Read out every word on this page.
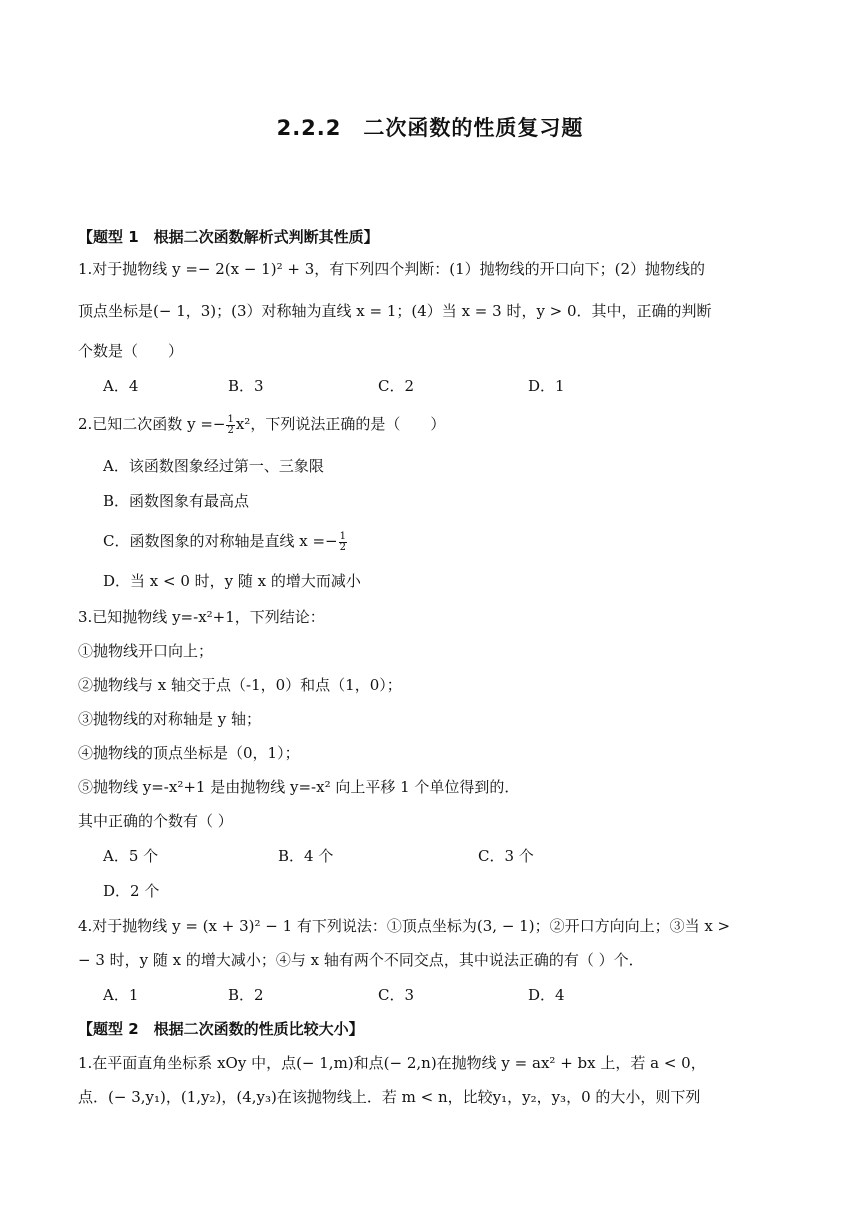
2.2.2　二次函数的性质复习题
【题型 1　根据二次函数解析式判断其性质】
1.对于抛物线 y =− 2(x − 1)² + 3，有下列四个判断：(1）抛物线的开口向下；(2）抛物线的
顶点坐标是(− 1，3)；(3）对称轴为直线 x = 1；(4）当 x = 3 时，y > 0．其中，正确的判断
个数是（　　）
A．4	B．3	C．2	D．1
2.已知二次函数 $y =- \frac{1}{2} x^2$，下列说法正确的是（　　）
A．该函数图象经过第一、三象限
B．函数图象有最高点
C．函数图象的对称轴是直线 $x =- \frac{1}{2}$
D．当 x < 0 时，y 随 x 的增大而减小
3.已知抛物线 y=-x²+1，下列结论：
①抛物线开口向上；
②抛物线与 x 轴交于点（-1，0）和点（1，0）；
③抛物线的对称轴是 y 轴；
④抛物线的顶点坐标是（0，1）；
⑤抛物线 y=-x²+1 是由抛物线 y=-x² 向上平移 1 个单位得到的．
其中正确的个数有（ ）
A．5 个	B．4 个	C．3 个
D．2 个
4.对于抛物线 y = (x + 3)² − 1 有下列说法：①顶点坐标为(3, − 1)；②开口方向向上；③当 x >
− 3 时，y 随 x 的增大减小；④与 x 轴有两个不同交点，其中说法正确的有（ ）个．
A．1	B．2	C．3	D．4
【题型 2　根据二次函数的性质比较大小】
1.在平面直角坐标系 xOy 中，点(− 1,m)和点(− 2,n)在抛物线 y = ax² + bx 上，若 a < 0，
点．(− 3,y₁)，(1,y₂)，(4,y₃)在该抛物线上．若 m < n，比较y₁，y₂，y₃，0 的大小，则下列
